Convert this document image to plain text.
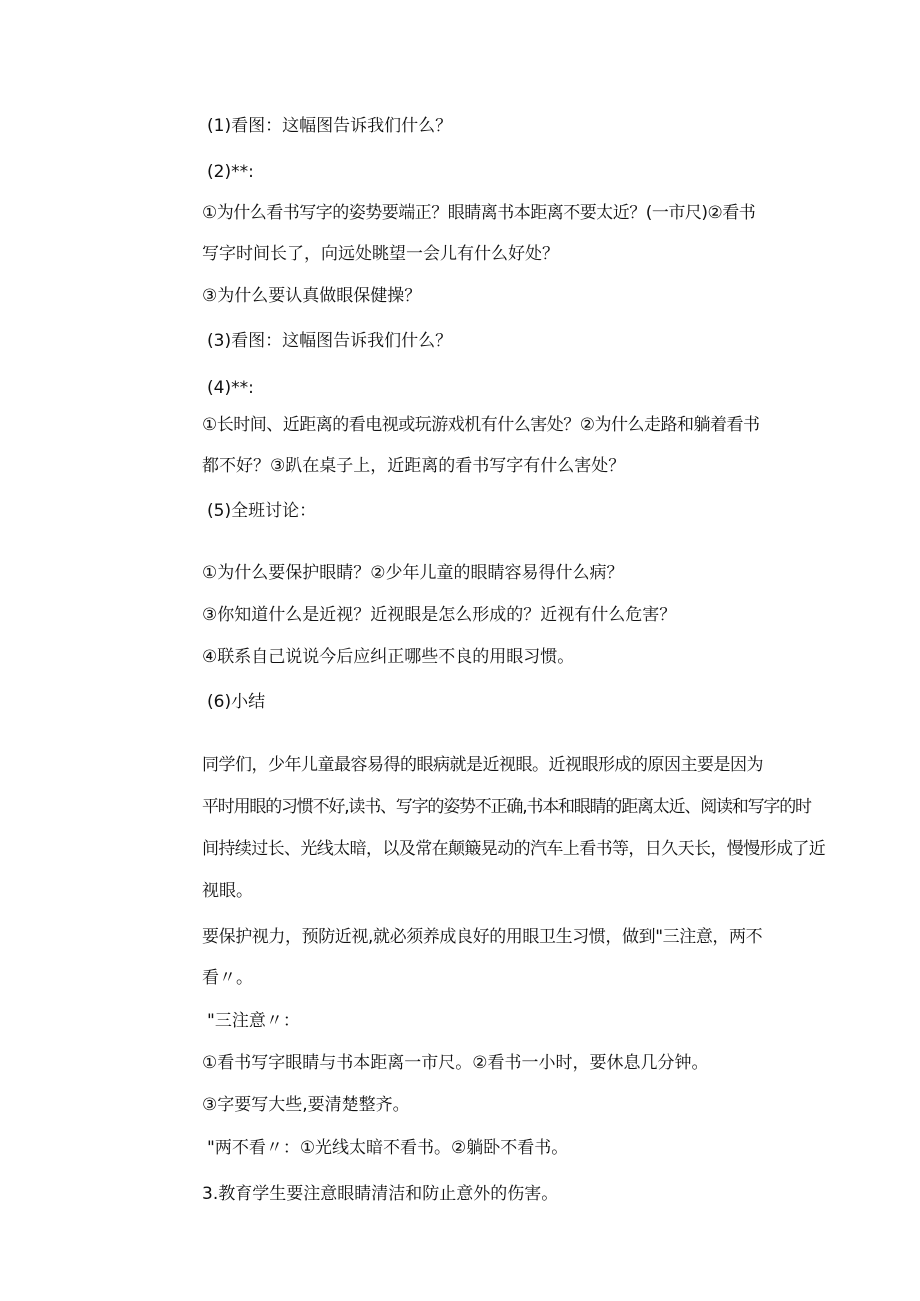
(1)看图：这幅图告诉我们什么？
(2)**:
①为什么看书写字的姿势要端正？眼睛离书本距离不要太近？(一市尺)②看书
写字时间长了，向远处眺望一会儿有什么好处？
③为什么要认真做眼保健操？
(3)看图：这幅图告诉我们什么？
(4)**:
①长时间、近距离的看电视或玩游戏机有什么害处？②为什么走路和躺着看书
都不好？③趴在桌子上，近距离的看书写字有什么害处？
(5)全班讨论：
①为什么要保护眼睛？②少年儿童的眼睛容易得什么病？
③你知道什么是近视？近视眼是怎么形成的？近视有什么危害？
④联系自己说说今后应纠正哪些不良的用眼习惯。
(6)小结
同学们，少年儿童最容易得的眼病就是近视眼。近视眼形成的原因主要是因为
平时用眼的习惯不好,读书、写字的姿势不正确,书本和眼睛的距离太近、阅读和写字的时
间持续过长、光线太暗，以及常在颠簸晃动的汽车上看书等，日久天长，慢慢形成了近
视眼。
要保护视力，预防近视,就必须养成良好的用眼卫生习惯，做到"三注意，两不
看〃。
"三注意〃：
①看书写字眼睛与书本距离一市尺。②看书一小时，要休息几分钟。
③字要写大些,要清楚整齐。
"两不看〃：①光线太暗不看书。②躺卧不看书。
3.教育学生要注意眼睛清洁和防止意外的伤害。
